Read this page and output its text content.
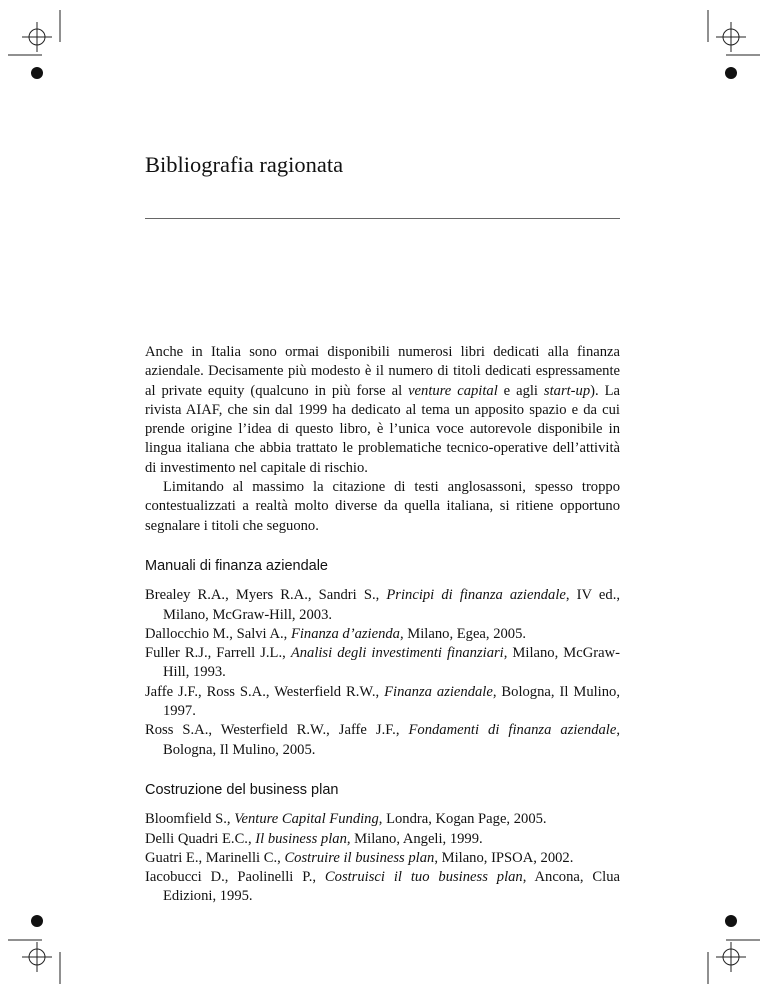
Bibliografia ragionata

Anche in Italia sono ormai disponibili numerosi libri dedicati alla finanza aziendale. Decisamente più modesto è il numero di titoli dedicati espressamente al private equity (qualcuno in più forse al venture capital e agli start-up). La rivista AIAF, che sin dal 1999 ha dedicato al tema un apposito spazio e da cui prende origine l’idea di questo libro, è l’unica voce autorevole disponibile in lingua italiana che abbia trattato le problematiche tecnico-operative dell’attività di investimento nel capitale di rischio.

Limitando al massimo la citazione di testi anglosassoni, spesso troppo contestualizzati a realtà molto diverse da quella italiana, si ritiene opportuno segnalare i titoli che seguono.

Manuali di finanza aziendale
Brealey R.A., Myers R.A., Sandri S., Principi di finanza aziendale, IV ed., Milano, McGraw-Hill, 2003.
Dallocchio M., Salvi A., Finanza d’azienda, Milano, Egea, 2005.
Fuller R.J., Farrell J.L., Analisi degli investimenti finanziari, Milano, McGraw-Hill, 1993.
Jaffe J.F., Ross S.A., Westerfield R.W., Finanza aziendale, Bologna, Il Mulino, 1997.
Ross S.A., Westerfield R.W., Jaffe J.F., Fondamenti di finanza aziendale, Bologna, Il Mulino, 2005.
Costruzione del business plan
Bloomfield S., Venture Capital Funding, Londra, Kogan Page, 2005.
Delli Quadri E.C., Il business plan, Milano, Angeli, 1999.
Guatri E., Marinelli C., Costruire il business plan, Milano, IPSOA, 2002.
Iacobucci D., Paolinelli P., Costruisci il tuo business plan, Ancona, Clua Edizioni, 1995.
